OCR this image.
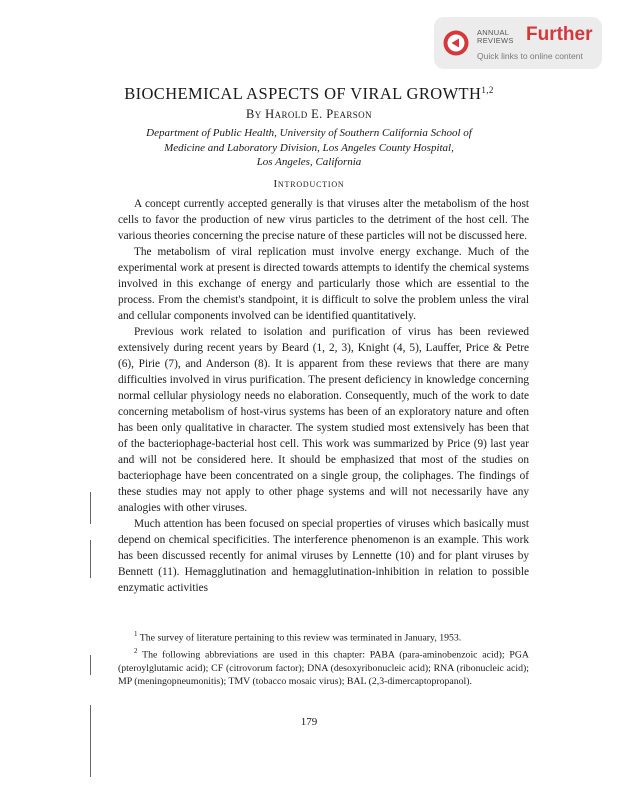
ANNUAL
REVIEWS Further
Quick links to online content
BIOCHEMICAL ASPECTS OF VIRAL GROWTH$^{1,2}$
By Harold E. Pearson
Department of Public Health, University of Southern California School of
Medicine and Laboratory Division, Los Angeles County Hospital,
Los Angeles, California
Introduction

A concept currently accepted generally is that viruses alter the metabolism of the host cells to favor the production of new virus particles to the detriment of the host cell. The various theories concerning the precise nature of these particles will not be discussed here.

The metabolism of viral replication must involve energy exchange. Much of the experimental work at present is directed towards attempts to identify the chemical systems involved in this exchange of energy and particularly those which are essential to the process. From the chemist's standpoint, it is difficult to solve the problem unless the viral and cellular components involved can be identified quantitatively.

Previous work related to isolation and purification of virus has been reviewed extensively during recent years by Beard (1, 2, 3), Knight (4, 5), Lauffer, Price & Petre (6), Pirie (7), and Anderson (8). It is apparent from these reviews that there are many difficulties involved in virus purification. The present deficiency in knowledge concerning normal cellular physiology needs no elaboration. Consequently, much of the work to date concerning metabolism of host-virus systems has been of an exploratory nature and often has been only qualitative in character. The system studied most extensively has been that of the bacteriophage-bacterial host cell. This work was summarized by Price (9) last year and will not be considered here. It should be emphasized that most of the studies on bacteriophage have been concentrated on a single group, the coliphages. The findings of these studies may not apply to other phage systems and will not necessarily have any analogies with other viruses.

Much attention has been focused on special properties of viruses which basically must depend on chemical specificities. The interference phenomenon is an example. This work has been discussed recently for animal viruses by Lennette (10) and for plant viruses by Bennett (11). Hemagglutination and hemagglutination-inhibition in relation to possible enzymatic activities

$^1$ The survey of literature pertaining to this review was terminated in January, 1953.

$^2$ The following abbreviations are used in this chapter: PABA (para-aminobenzoic acid); PGA (pteroylglutamic acid); CF (citrovorum factor); DNA (desoxyribonucleic acid); RNA (ribonucleic acid); MP (meningopneumonitis); TMV (tobacco mosaic virus); BAL (2,3-dimercaptopropanol).

179
